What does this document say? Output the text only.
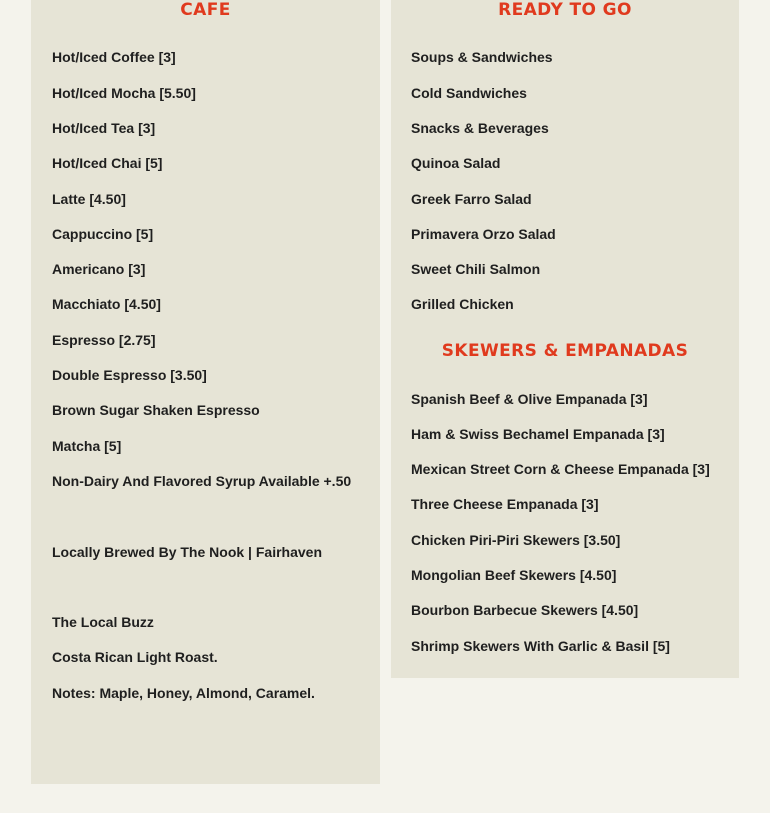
CAFE

Hot/Iced Coffee [3]

Hot/Iced Mocha [5.50]

Hot/Iced Tea [3]

Hot/Iced Chai [5]

Latte [4.50]

Cappuccino [5]

Americano [3]

Macchiato [4.50]

Espresso [2.75]

Double Espresso [3.50]

Brown Sugar Shaken Espresso

Matcha [5]

Non-Dairy And Flavored Syrup Available +.50

Locally Brewed By The Nook | Fairhaven

The Local Buzz

Costa Rican Light Roast.

Notes: Maple, Honey, Almond, Caramel.

READY TO GO

Soups & Sandwiches

Cold Sandwiches

Snacks & Beverages

Quinoa Salad

Greek Farro Salad

Primavera Orzo Salad

Sweet Chili Salmon

Grilled Chicken

SKEWERS & EMPANADAS

Spanish Beef & Olive Empanada [3]

Ham & Swiss Bechamel Empanada [3]

Mexican Street Corn & Cheese Empanada [3]

Three Cheese Empanada [3]

Chicken Piri-Piri Skewers [3.50]

Mongolian Beef Skewers [4.50]

Bourbon Barbecue Skewers [4.50]

Shrimp Skewers With Garlic & Basil [5]
